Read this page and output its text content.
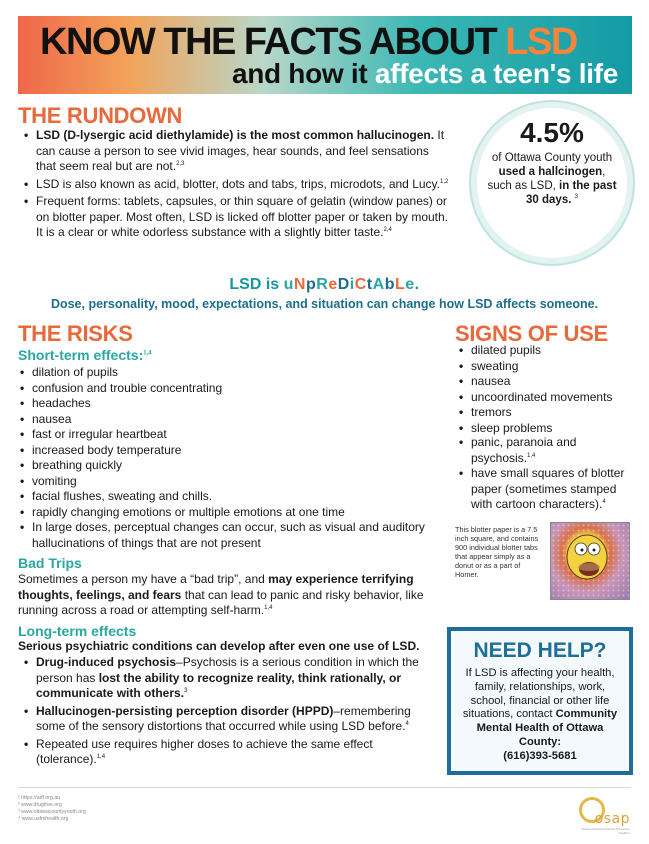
KNOW THE FACTS ABOUT LSD
and how it affects a teen's life
THE RUNDOWN
• LSD (D-lysergic acid diethylamide) is the most common hallucinogen. It can cause a person to see vivid images, hear sounds, and feel sensations that seem real but are not.$^{2,3}$
• LSD is also known as acid, blotter, dots and tabs, trips, microdots, and Lucy.$^{1,2}$
• Frequent forms: tablets, capsules, or thin square of gelatin (window panes) or on blotter paper. Most often, LSD is licked off blotter paper or taken by mouth. It is a clear or white odorless substance with a slightly bitter taste.$^{2,4}$
4.5%
of Ottawa County youth used a hallcinogen, such as LSD, in the past 30 days. $^3$
LSD is uNpReDiCtAbLe.
Dose, personality, mood, expectations, and situation can change how LSD affects someone.
THE RISKS
Short-term effects:$^{1,4}$
• dilation of pupils
• confusion and trouble concentrating
• headaches
• nausea
• fast or irregular heartbeat
• increased body temperature
• breathing quickly
• vomiting
• facial flushes, sweating and chills.
• rapidly changing emotions or multiple emotions at one time
• In large doses, perceptual changes can occur, such as visual and auditory hallucinations of things that are not present
Bad Trips
Sometimes a person my have a “bad trip”, and may experience terrifying thoughts, feelings, and fears that can lead to panic and risky behavior, like running across a road or attempting self-harm.$^{1,4}$
Long-term effects
Serious psychiatric conditions can develop after even one use of LSD.
• Drug-induced psychosis–Psychosis is a serious condition in which the person has lost the ability to recognize reality, think rationally, or communicate with others.$^3$
• Hallucinogen-persisting perception disorder (HPPD)–remembering some of the sensory distortions that occurred while using LSD before.$^4$
• Repeated use requires higher doses to achieve the same effect (tolerance).$^{1,4}$
SIGNS OF USE
• dilated pupils
• sweating
• nausea
• uncoordinated movements
• tremors
• sleep problems
• panic, paranoia and psychosis.$^{1,4}$
• have small squares of blotter paper (sometimes stamped with cartoon characters).$^4$
This blotter paper is a 7.5 inch square, and contains 900 individual blotter tabs that appear simply as a donut or as a part of Homer.
NEED HELP?
If LSD is affecting your health, family, relationships, work, school, financial or other life situations, contact Community Mental Health of Ottawa County:
(616)393-5681
¹ https://adf.org.au
² www.drugfree.org
³ www.ottawacountyyouth.org
⁴ www.usfmhealth.org	osap
Ottawa Substance Abuse Prevention Coalition
